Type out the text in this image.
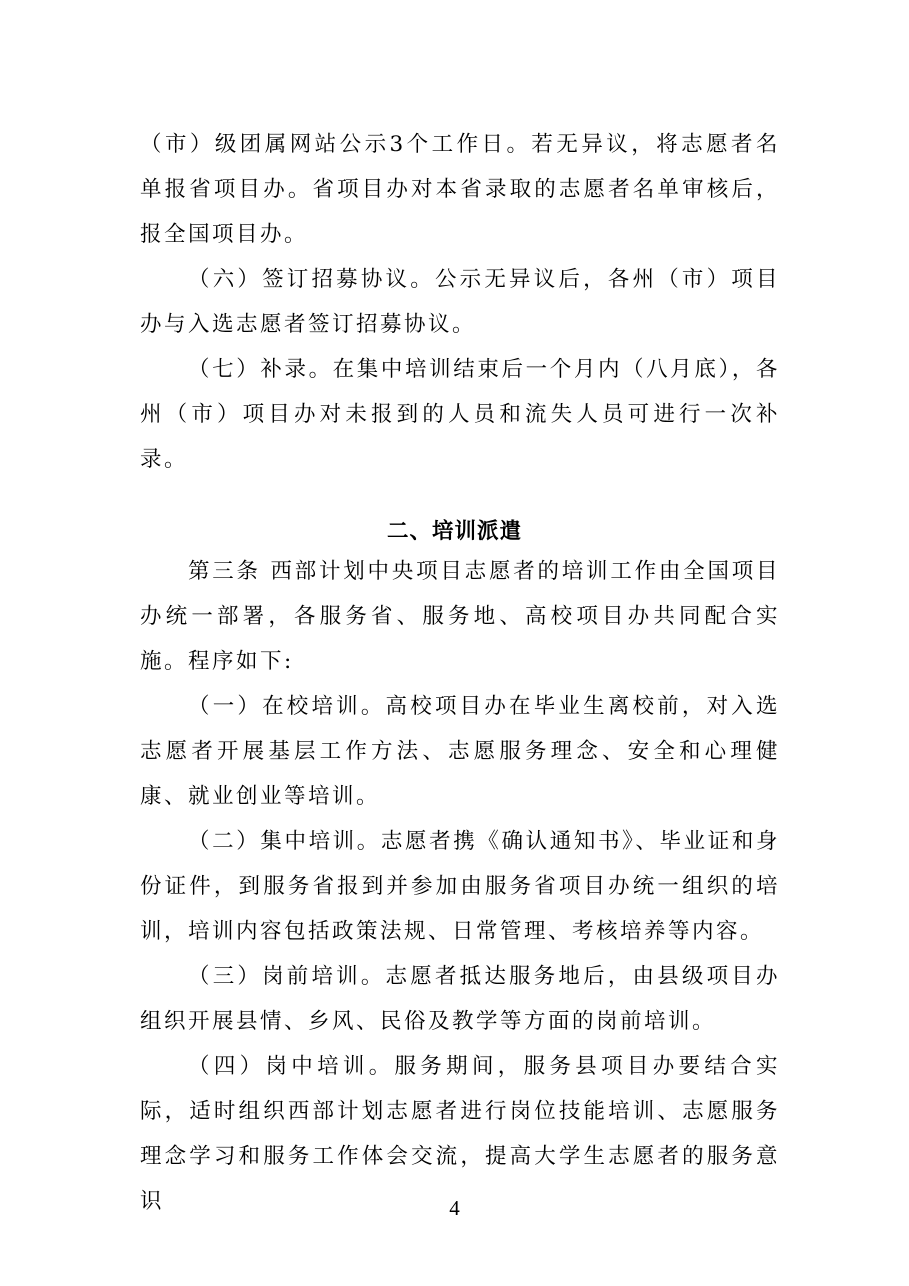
（市）级团属网站公示3个工作日。若无异议，将志愿者名单报省项目办。省项目办对本省录取的志愿者名单审核后，报全国项目办。

（六）签订招募协议。公示无异议后，各州（市）项目办与入选志愿者签订招募协议。

（七）补录。在集中培训结束后一个月内（八月底），各州（市）项目办对未报到的人员和流失人员可进行一次补录。

二、培训派遣

第三条 西部计划中央项目志愿者的培训工作由全国项目办统一部署，各服务省、服务地、高校项目办共同配合实施。程序如下:

（一）在校培训。高校项目办在毕业生离校前，对入选志愿者开展基层工作方法、志愿服务理念、安全和心理健康、就业创业等培训。

（二）集中培训。志愿者携《确认通知书》、毕业证和身份证件，到服务省报到并参加由服务省项目办统一组织的培训，培训内容包括政策法规、日常管理、考核培养等内容。

（三）岗前培训。志愿者抵达服务地后，由县级项目办组织开展县情、乡风、民俗及教学等方面的岗前培训。

（四）岗中培训。服务期间，服务县项目办要结合实际，适时组织西部计划志愿者进行岗位技能培训、志愿服务理念学习和服务工作体会交流，提高大学生志愿者的服务意识	4
